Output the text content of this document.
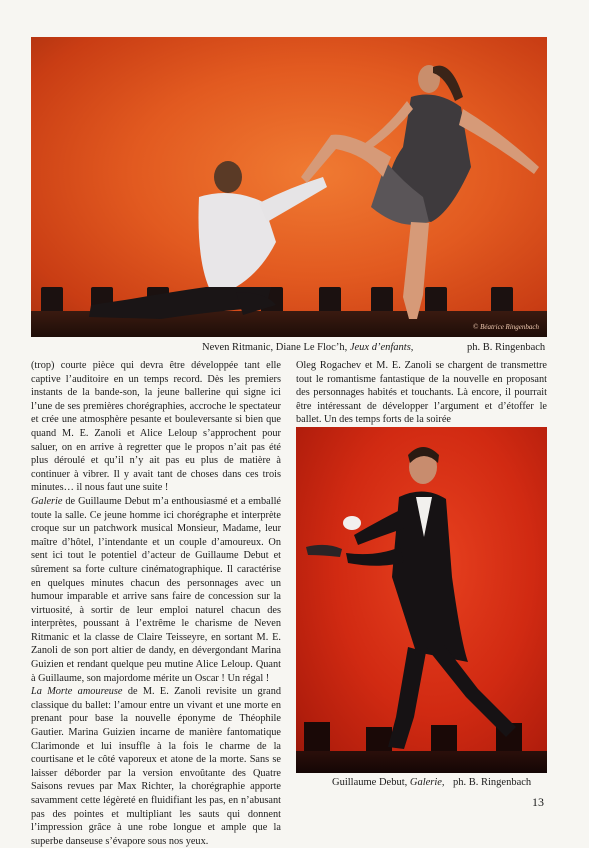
© Béatrice Ringenbach
Neven Ritmanic, Diane Le Floc’h, Jeux d’enfants,	ph. B. Ringenbach

(trop) courte pièce qui devra être développée tant elle captive l’auditoire en un temps record. Dès les premiers instants de la bande-son, la jeune ballerine qui signe ici l’une de ses premières chorégraphies, accroche le spectateur et crée une atmosphère pesante et bouleversante si bien que quand M. E. Zanoli et Alice Leloup s’approchent pour saluer, on en arrive à regretter que le propos n’ait pas été plus déroulé et qu’il n’y ait pas eu plus de matière à continuer à vibrer. Il y avait tant de choses dans ces trois minutes… il nous faut une suite !

Galerie de Guillaume Debut m’a enthousiasmé et a emballé toute la salle. Ce jeune homme ici chorégraphe et interprète croque sur un patchwork musical Monsieur, Madame, leur maître d’hôtel, l’intendante et un couple d’amoureux. On sent ici tout le potentiel d’acteur de Guillaume Debut et sûrement sa forte culture cinématographique. Il caractérise en quelques minutes chacun des personnages avec un humour imparable et arrive sans faire de concession sur la virtuosité, à sortir de leur emploi naturel chacun des interprètes, poussant à l’extrême le charisme de Neven Ritmanic et la classe de Claire Teisseyre, en sortant M. E. Zanoli de son port altier de dandy, en dévergondant Marina Guizien et rendant quelque peu mutine Alice Leloup. Quant à Guillaume, son majordome mérite un Oscar ! Un régal !

La Morte amoureuse de M. E. Zanoli revisite un grand classique du ballet: l’amour entre un vivant et une morte en prenant pour base la nouvelle éponyme de Théophile Gautier. Marina Guizien incarne de manière fantomatique Clarimonde et lui insuffle à la fois le charme de la courtisane et le côté vaporeux et atone de la morte. Sans se laisser déborder par la version envoûtante des Quatre Saisons revues par Max Richter, la chorégraphie apporte savamment cette légèreté en fluidifiant les pas, en n’abusant pas des pointes et multipliant les sauts qui donnent l’impression grâce à une robe longue et ample que la superbe danseuse s’évapore sous nos yeux.

Oleg Rogachev et M. E. Zanoli se chargent de transmettre tout le romantisme fantastique de la nouvelle en proposant des personnages habités et touchants. Là encore, il pourrait être intéressant de développer l’argument et d’étoffer le ballet. Un des temps forts de la soirée

Guillaume Debut, Galerie, ph. B. Ringenbach
13
